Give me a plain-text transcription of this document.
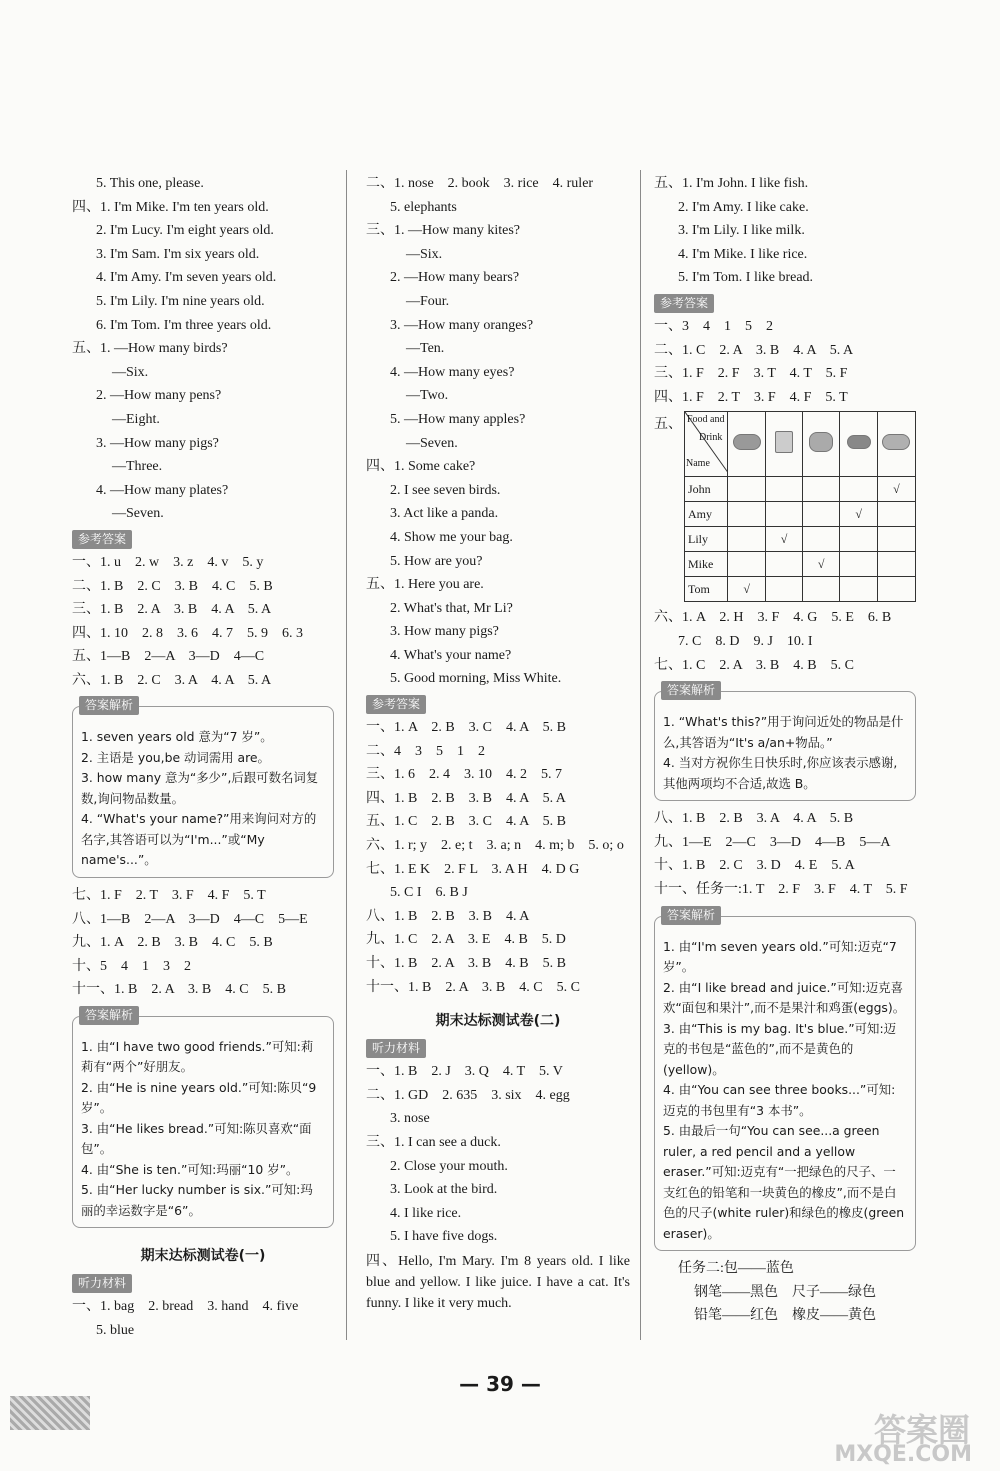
5. This one, please.
四、1. I'm Mike. I'm ten years old.
2. I'm Lucy. I'm eight years old.
3. I'm Sam. I'm six years old.
4. I'm Amy. I'm seven years old.
5. I'm Lily. I'm nine years old.
6. I'm Tom. I'm three years old.
五、1. —How many birds?
—Six.
2. —How many pens?
—Eight.
3. —How many pigs?
—Three.
4. —How many plates?
—Seven.
参考答案
一、1. u　2. w　3. z　4. v　5. y
二、1. B　2. C　3. B　4. C　5. B
三、1. B　2. A　3. B　4. A　5. A
四、1. 10　2. 8　3. 6　4. 7　5. 9　6. 3
五、1—B　2—A　3—D　4—C
六、1. B　2. C　3. A　4. A　5. A
答案解析

1. seven years old 意为“7 岁”。

2. 主语是 you,be 动词需用 are。

3. how many 意为“多少”,后跟可数名词复数,询问物品数量。

4. “What's your name?”用来询问对方的名字,其答语可以为“I'm...”或“My name's...”。

七、1. F　2. T　3. F　4. F　5. T
八、1—B　2—A　3—D　4—C　5—E
九、1. A　2. B　3. B　4. C　5. B
十、5　4　1　3　2
十一、1. B　2. A　3. B　4. C　5. B
答案解析

1. 由“I have two good friends.”可知:莉莉有“两个”好朋友。

2. 由“He is nine years old.”可知:陈贝“9 岁”。

3. 由“He likes bread.”可知:陈贝喜欢“面包”。

4. 由“She is ten.”可知:玛丽“10 岁”。

5. 由“Her lucky number is six.”可知:玛丽的幸运数字是“6”。

期末达标测试卷(一)
听力材料
一、1. bag　2. bread　3. hand　4. five
5. blue
二、1. nose　2. book　3. rice　4. ruler
5. elephants
三、1. —How many kites?
—Six.
2. —How many bears?
—Four.
3. —How many oranges?
—Ten.
4. —How many eyes?
—Two.
5. —How many apples?
—Seven.
四、1. Some cake?
2. I see seven birds.
3. Act like a panda.
4. Show me your bag.
5. How are you?
五、1. Here you are.
2. What's that, Mr Li?
3. How many pigs?
4. What's your name?
5. Good morning, Miss White.
参考答案
一、1. A　2. B　3. C　4. A　5. B
二、4　3　5　1　2
三、1. 6　2. 4　3. 10　4. 2　5. 7
四、1. B　2. B　3. B　4. A　5. A
五、1. C　2. B　3. C　4. A　5. B
六、1. r; y　2. e; t　3. a; n　4. m; b　5. o; o
七、1. E K　2. F L　3. A H　4. D G
5. C I　6. B J
八、1. B　2. B　3. B　4. A
九、1. C　2. A　3. E　4. B　5. D
十、1. B　2. A　3. B　4. B　5. B
十一、1. B　2. A　3. B　4. C　5. C
期末达标测试卷(二)
听力材料
一、1. B　2. J　3. Q　4. T　5. V
二、1. GD　2. 635　3. six　4. egg
3. nose
三、1. I can see a duck.
2. Close your mouth.
3. Look at the bird.
4. I like rice.
5. I have five dogs.
四、Hello, I'm Mary. I'm 8 years old. I like blue and yellow. I like juice. I have a cat. It's funny. I like it very much.
五、1. I'm John. I like fish.
2. I'm Amy. I like cake.
3. I'm Lily. I like milk.
4. I'm Mike. I like rice.
5. I'm Tom. I like bread.
参考答案
一、3　4　1　5　2
二、1. C　2. A　3. B　4. A　5. A
三、1. F　2. F　3. T　4. T　5. F
四、1. F　2. T　3. F　4. F　5. T
五、 Food and
Drink
Name					

John					√
Amy				√	
Lily		√			
Mike			√		
Tom	√				
六、1. A　2. H　3. F　4. G　5. E　6. B
7. C　8. D　9. J　10. I
七、1. C　2. A　3. B　4. B　5. C
答案解析

1. “What's this?”用于询问近处的物品是什么,其答语为“It's a/an+物品。”

4. 当对方祝你生日快乐时,你应该表示感谢,其他两项均不合适,故选 B。

八、1. B　2. B　3. A　4. A　5. B
九、1—E　2—C　3—D　4—B　5—A
十、1. B　2. C　3. D　4. E　5. A
十一、任务一:1. T　2. F　3. F　4. T　5. F
答案解析

1. 由“I'm seven years old.”可知:迈克“7 岁”。

2. 由“I like bread and juice.”可知:迈克喜欢“面包和果汁”,而不是果汁和鸡蛋(eggs)。

3. 由“This is my bag. It's blue.”可知:迈克的书包是“蓝色的”,而不是黄色的(yellow)。

4. 由“You can see three books...”可知:迈克的书包里有“3 本书”。

5. 由最后一句“You can see...a green ruler, a red pencil and a yellow eraser.”可知:迈克有“一把绿色的尺子、一支红色的铅笔和一块黄色的橡皮”,而不是白色的尺子(white ruler)和绿色的橡皮(green eraser)。

任务二:包——蓝色
钢笔——黑色　尺子——绿色
铅笔——红色　橡皮——黄色
— 39 —
答案圈
MXQE.COM
